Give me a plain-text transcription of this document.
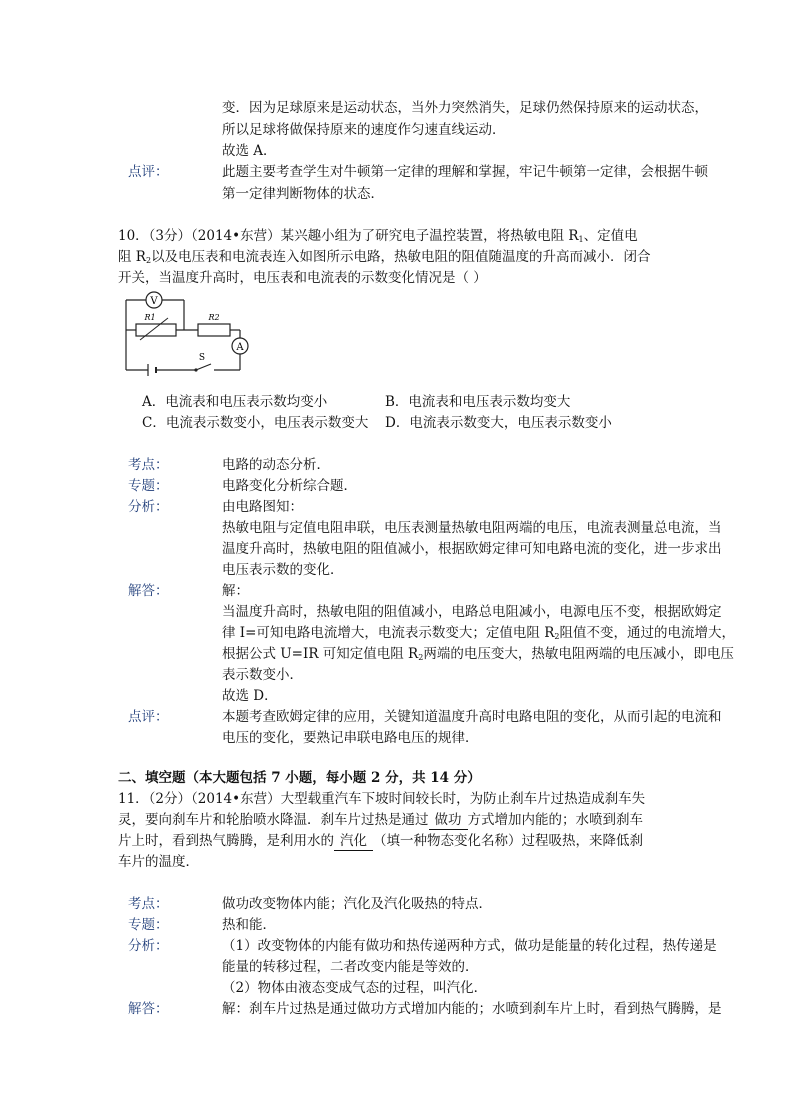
变．因为足球原来是运动状态，当外力突然消失，足球仍然保持原来的运动状态，
所以足球将做保持原来的速度作匀速直线运动．
故选 A．
点评：	此题主要考查学生对牛顿第一定律的理解和掌握，牢记牛顿第一定律，会根据牛顿
第一定律判断物体的状态．
10．（3分）（2014•东营）某兴趣小组为了研究电子温控装置，将热敏电阻 $R_1$、定值电
阻 $R_2$以及电压表和电流表连入如图所示电路，热敏电阻的阻值随温度的升高而减小．闭合
开关，当温度升高时，电压表和电流表的示数变化情况是（ ）
V
A
R1	R2
S
A．电流表和电压表示数均变小	B．电流表和电压表示数均变大
C．电流表示数变小，电压表示数变大 D．电流表示数变大，电压表示数变小
考点：	电路的动态分析．
专题：	电路变化分析综合题．
分析：	由电路图知：
热敏电阻与定值电阻串联，电压表测量热敏电阻两端的电压，电流表测量总电流，当
温度升高时，热敏电阻的阻值减小，根据欧姆定律可知电路电流的变化，进一步求出
电压表示数的变化．
解答：	解：
当温度升高时，热敏电阻的阻值减小，电路总电阻减小，电源电压不变，根据欧姆定
律 I=可知电路电流增大，电流表示数变大；定值电阻 $R_2$阻值不变，通过的电流增大，
根据公式 U=IR 可知定值电阻 $R_2$两端的电压变大，热敏电阻两端的电压减小，即电压
表示数变小．
故选 D．
点评：	本题考查欧姆定律的应用，关键知道温度升高时电路电阻的变化，从而引起的电流和
电压的变化，要熟记串联电路电压的规律．
二、填空题（本大题包括 7 小题，每小题 2 分，共 14 分）
11．（2分）（2014•东营）大型载重汽车下坡时间较长时，为防止刹车片过热造成刹车失
灵，要向刹车片和轮胎喷水降温．刹车片过热是通过 做功 方式增加内能的；水喷到刹车
片上时，看到热气腾腾，是利用水的 汽化 （填一种物态变化名称）过程吸热，来降低刹
车片的温度．
考点：	做功改变物体内能；汽化及汽化吸热的特点．
专题：	热和能．
分析：	（1）改变物体的内能有做功和热传递两种方式，做功是能量的转化过程，热传递是
能量的转移过程，二者改变内能是等效的．
（2）物体由液态变成气态的过程，叫汽化．
解答：	解：刹车片过热是通过做功方式增加内能的；水喷到刹车片上时，看到热气腾腾，是
